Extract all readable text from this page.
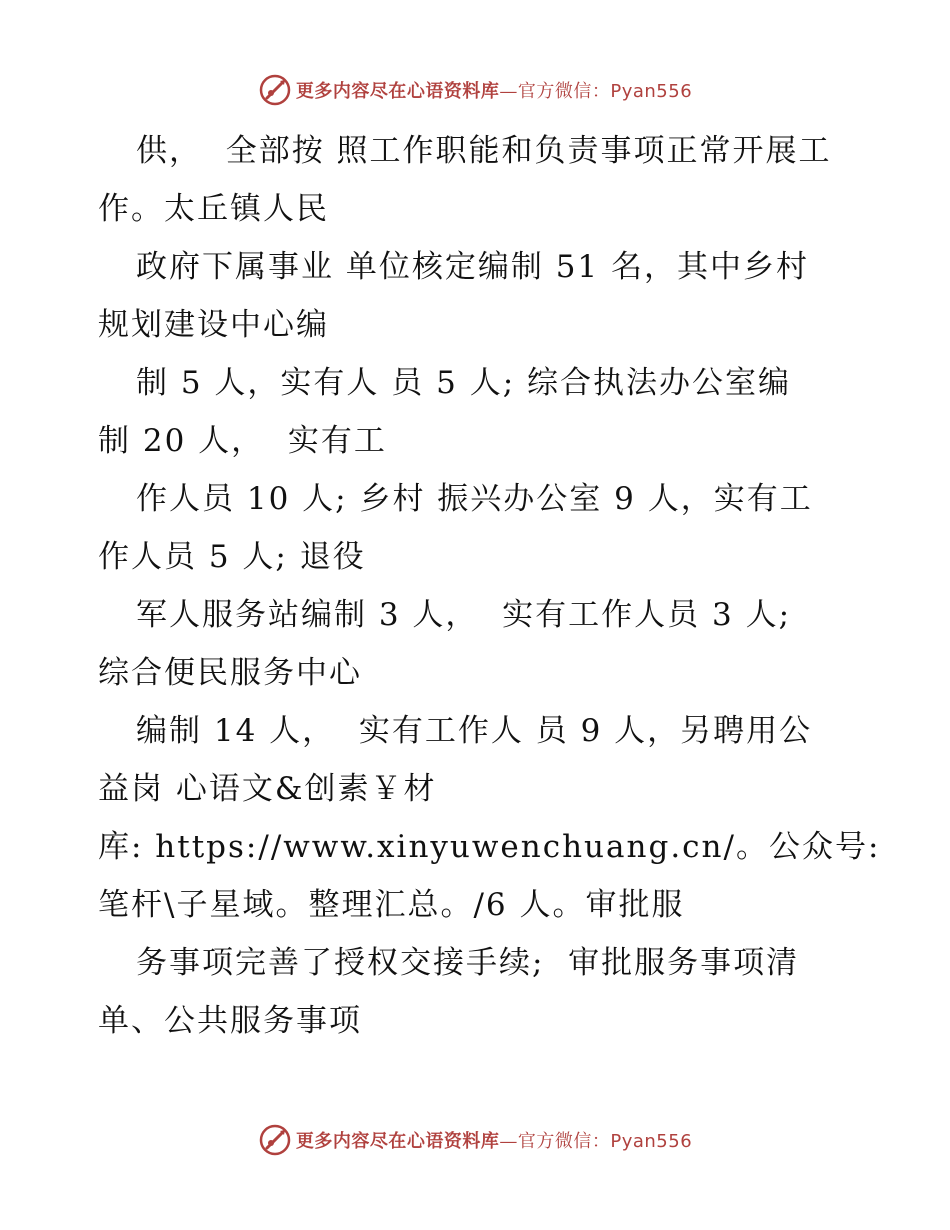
更多内容尽在心语资料库—官方微信：Pyan556
供，  全部按 照工作职能和负责事项正常开展工
作。太丘镇人民
政府下属事业 单位核定编制 51 名，其中乡村
规划建设中心编
制 5 人，实有人 员 5 人; 综合执法办公室编
制 20 人，  实有工
作人员 10 人; 乡村 振兴办公室 9 人，实有工
作人员 5 人; 退役
军人服务站编制 3 人，  实有工作人员 3 人;
综合便民服务中心
编制 14 人，  实有工作人 员 9 人，另聘用公
益岗 心语文&创素￥材
库: https://www.xinyuwenchuang.cn/。公众号:
笔杆\子星域。整理汇总。/6 人。审批服
务事项完善了授权交接手续;  审批服务事项清
单、公共服务事项
更多内容尽在心语资料库—官方微信：Pyan556
